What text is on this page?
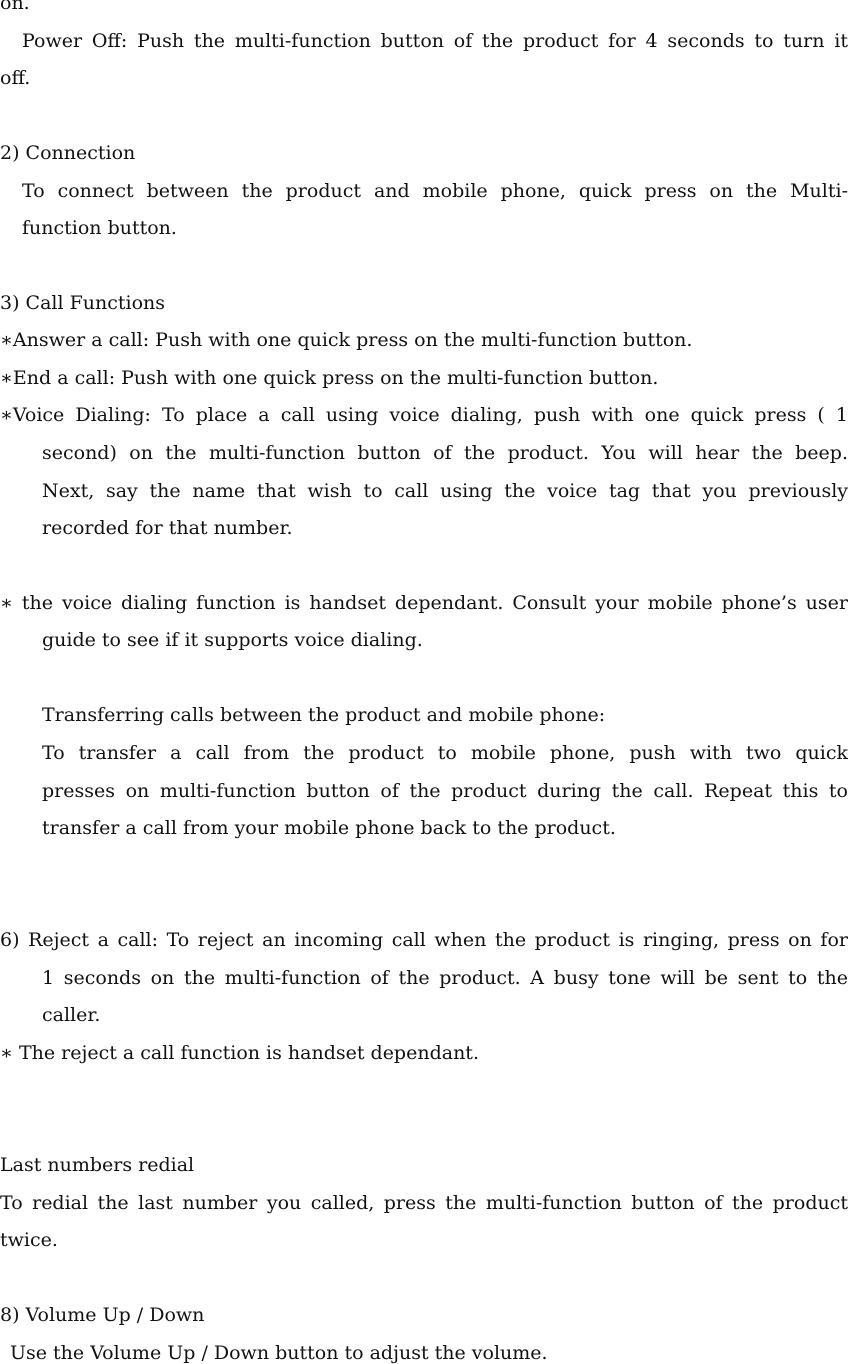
on.
Power Off: Push the multi-function button of the product for 4 seconds to turn it
off.
2) Connection
To connect between the product and mobile phone, quick press on the Multi-
function button.
3) Call Functions
∗Answer a call: Push with one quick press on the multi-function button.
∗End a call: Push with one quick press on the multi-function button.
∗Voice Dialing: To place a call using voice dialing, push with one quick press ( 1
second) on the multi-function button of the product. You will hear the beep.
Next, say the name that wish to call using the voice tag that you previously
recorded for that number.
∗ the voice dialing function is handset dependant. Consult your mobile phone’s user
guide to see if it supports voice dialing.
Transferring calls between the product and mobile phone:
To transfer a call from the product to mobile phone, push with two quick
presses on multi-function button of the product during the call. Repeat this to
transfer a call from your mobile phone back to the product.
6) Reject a call: To reject an incoming call when the product is ringing, press on for
1 seconds on the multi-function of the product. A busy tone will be sent to the
caller.
∗ The reject a call function is handset dependant.
Last numbers redial
To redial the last number you called, press the multi-function button of the product
twice.
8) Volume Up / Down
Use the Volume Up / Down button to adjust the volume.
